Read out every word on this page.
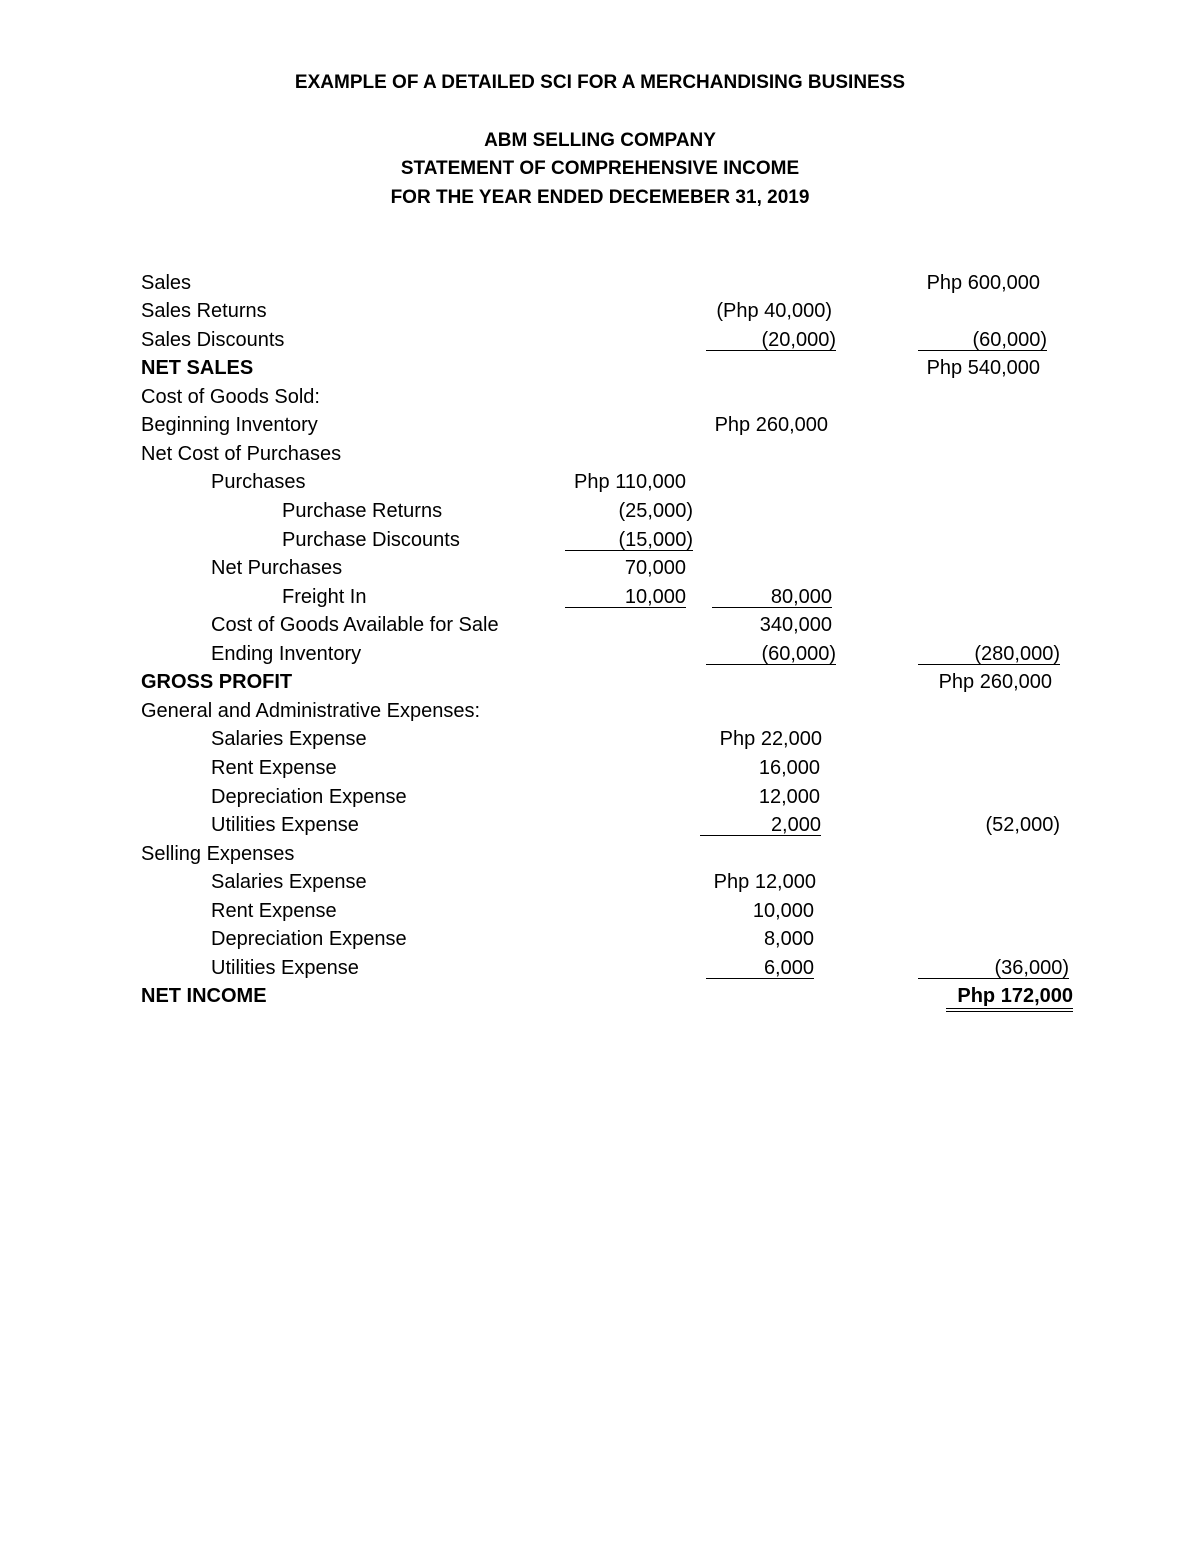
EXAMPLE OF A DETAILED SCI FOR A MERCHANDISING BUSINESS
ABM SELLING COMPANY
STATEMENT OF COMPREHENSIVE INCOME
FOR THE YEAR ENDED DECEMEBER 31, 2019
Sales	Php 600,000
Sales Returns	(Php 40,000)
Sales Discounts	(20,000)	(60,000)
NET SALES	Php 540,000
Cost of Goods Sold:
Beginning Inventory	Php 260,000
Net Cost of Purchases
Purchases	Php 110,000
Purchase Returns	(25,000)
Purchase Discounts	(15,000)
Net Purchases	70,000
Freight In	10,000	80,000
Cost of Goods Available for Sale	340,000
Ending Inventory	(60,000)	(280,000)
GROSS PROFIT	Php 260,000
General and Administrative Expenses:
Salaries Expense	Php 22,000
Rent Expense	16,000
Depreciation Expense	12,000
Utilities Expense	2,000	(52,000)
Selling Expenses
Salaries Expense	Php 12,000
Rent Expense	10,000
Depreciation Expense	8,000
Utilities Expense	6,000	(36,000)
NET INCOME	Php 172,000
